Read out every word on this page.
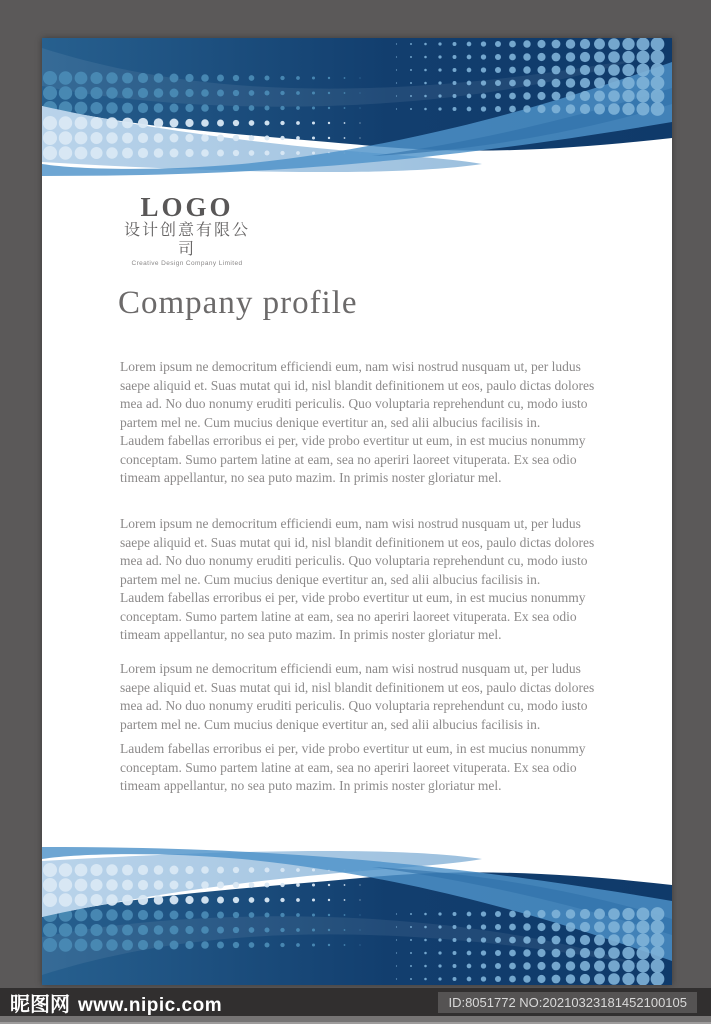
LOGO
设计创意有限公司
Creative Design Company Limited
Company profile
Lorem ipsum ne democritum efficiendi eum, nam wisi nostrud nusquam ut, per ludus saepe aliquid et. Suas mutat qui id, nisl blandit definitionem ut eos, paulo dictas dolores mea ad. No duo nonumy eruditi periculis. Quo voluptaria reprehendunt cu, modo iusto partem mel ne. Cum mucius denique evertitur an, sed alii albucius facilisis in.
Laudem fabellas erroribus ei per, vide probo evertitur ut eum, in est mucius nonummy conceptam. Sumo partem latine at eam, sea no aperiri laoreet vituperata. Ex sea odio timeam appellantur, no sea puto mazim. In primis noster gloriatur mel.
Lorem ipsum ne democritum efficiendi eum, nam wisi nostrud nusquam ut, per ludus saepe aliquid et. Suas mutat qui id, nisl blandit definitionem ut eos, paulo dictas dolores mea ad. No duo nonumy eruditi periculis. Quo voluptaria reprehendunt cu, modo iusto partem mel ne. Cum mucius denique evertitur an, sed alii albucius facilisis in.
Laudem fabellas erroribus ei per, vide probo evertitur ut eum, in est mucius nonummy conceptam. Sumo partem latine at eam, sea no aperiri laoreet vituperata. Ex sea odio timeam appellantur, no sea puto mazim. In primis noster gloriatur mel.
Lorem ipsum ne democritum efficiendi eum, nam wisi nostrud nusquam ut, per ludus saepe aliquid et. Suas mutat qui id, nisl blandit definitionem ut eos, paulo dictas dolores mea ad. No duo nonumy eruditi periculis. Quo voluptaria reprehendunt cu, modo iusto partem mel ne. Cum mucius denique evertitur an, sed alii albucius facilisis in.
Laudem fabellas erroribus ei per, vide probo evertitur ut eum, in est mucius nonummy conceptam. Sumo partem latine at eam, sea no aperiri laoreet vituperata. Ex sea odio timeam appellantur, no sea puto mazim. In primis noster gloriatur mel.
昵图网 www.nipic.com	ID:8051772 NO:20210323181452100105
